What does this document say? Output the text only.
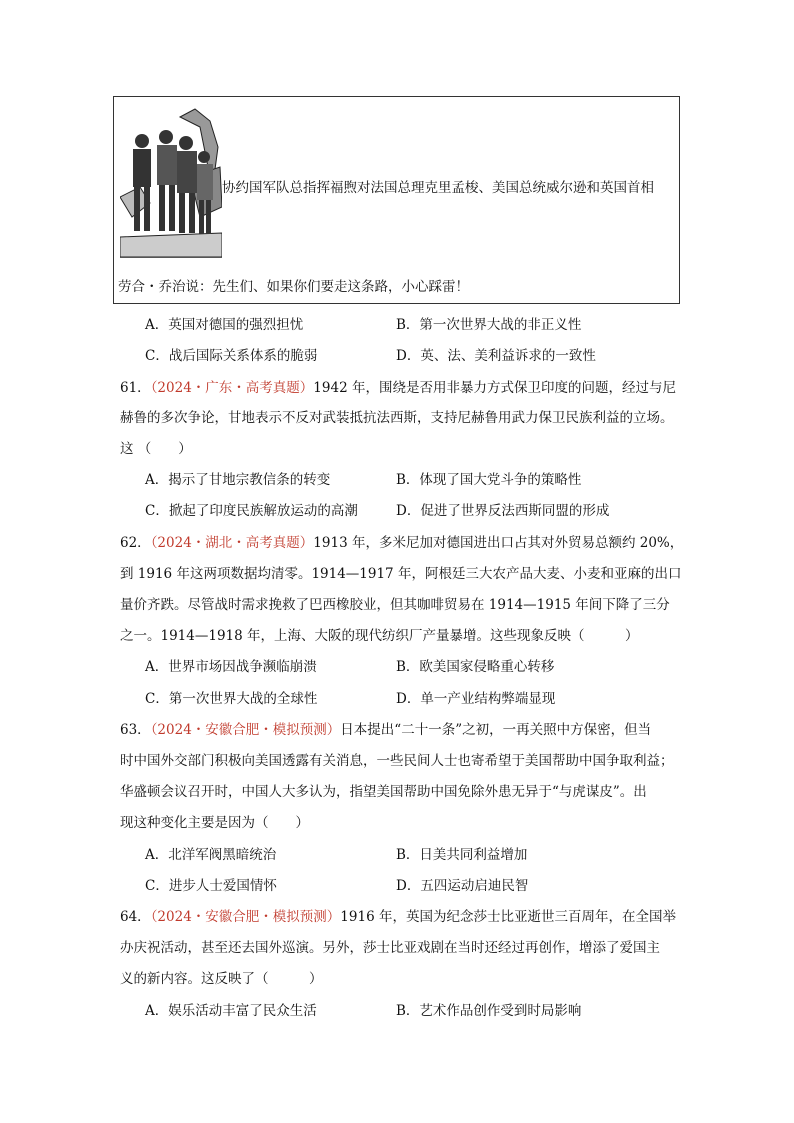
协约国军队总指挥福煦对法国总理克里孟梭、美国总统威尔逊和英国首相
劳合・乔治说：先生们、如果你们要走这条路，小心踩雷！
A．英国对德国的强烈担忧	B．第一次世界大战的非正义性
C．战后国际关系体系的脆弱	D．英、法、美利益诉求的一致性
61．（2024・广东・高考真题）1942 年，围绕是否用非暴力方式保卫印度的问题，经过与尼
赫鲁的多次争论，甘地表示不反对武装抵抗法西斯，支持尼赫鲁用武力保卫民族利益的立场。
这 （　　）
A．揭示了甘地宗教信条的转变	B．体现了国大党斗争的策略性
C．掀起了印度民族解放运动的高潮	D．促进了世界反法西斯同盟的形成
62．（2024・湖北・高考真题）1913 年，多米尼加对德国进出口占其对外贸易总额约 20%，
到 1916 年这两项数据均清零。1914—1917 年，阿根廷三大农产品大麦、小麦和亚麻的出口
量价齐跌。尽管战时需求挽救了巴西橡胶业，但其咖啡贸易在 1914—1915 年间下降了三分
之一。1914—1918 年，上海、大阪的现代纺织厂产量暴增。这些现象反映（　　　）
A．世界市场因战争濒临崩溃	B．欧美国家侵略重心转移
C．第一次世界大战的全球性	D．单一产业结构弊端显现
63．（2024・安徽合肥・模拟预测）日本提出“二十一条”之初，一再关照中方保密，但当
时中国外交部门积极向美国透露有关消息，一些民间人士也寄希望于美国帮助中国争取利益；
华盛顿会议召开时，中国人大多认为，指望美国帮助中国免除外患无异于“与虎谋皮”。出
现这种变化主要是因为（　　）
A．北洋军阀黑暗统治	B．日美共同利益增加
C．进步人士爱国情怀	D．五四运动启迪民智
64．（2024・安徽合肥・模拟预测）1916 年，英国为纪念莎士比亚逝世三百周年，在全国举
办庆祝活动，甚至还去国外巡演。另外，莎士比亚戏剧在当时还经过再创作，增添了爱国主
义的新内容。这反映了（　　　）
A．娱乐活动丰富了民众生活	B．艺术作品创作受到时局影响
